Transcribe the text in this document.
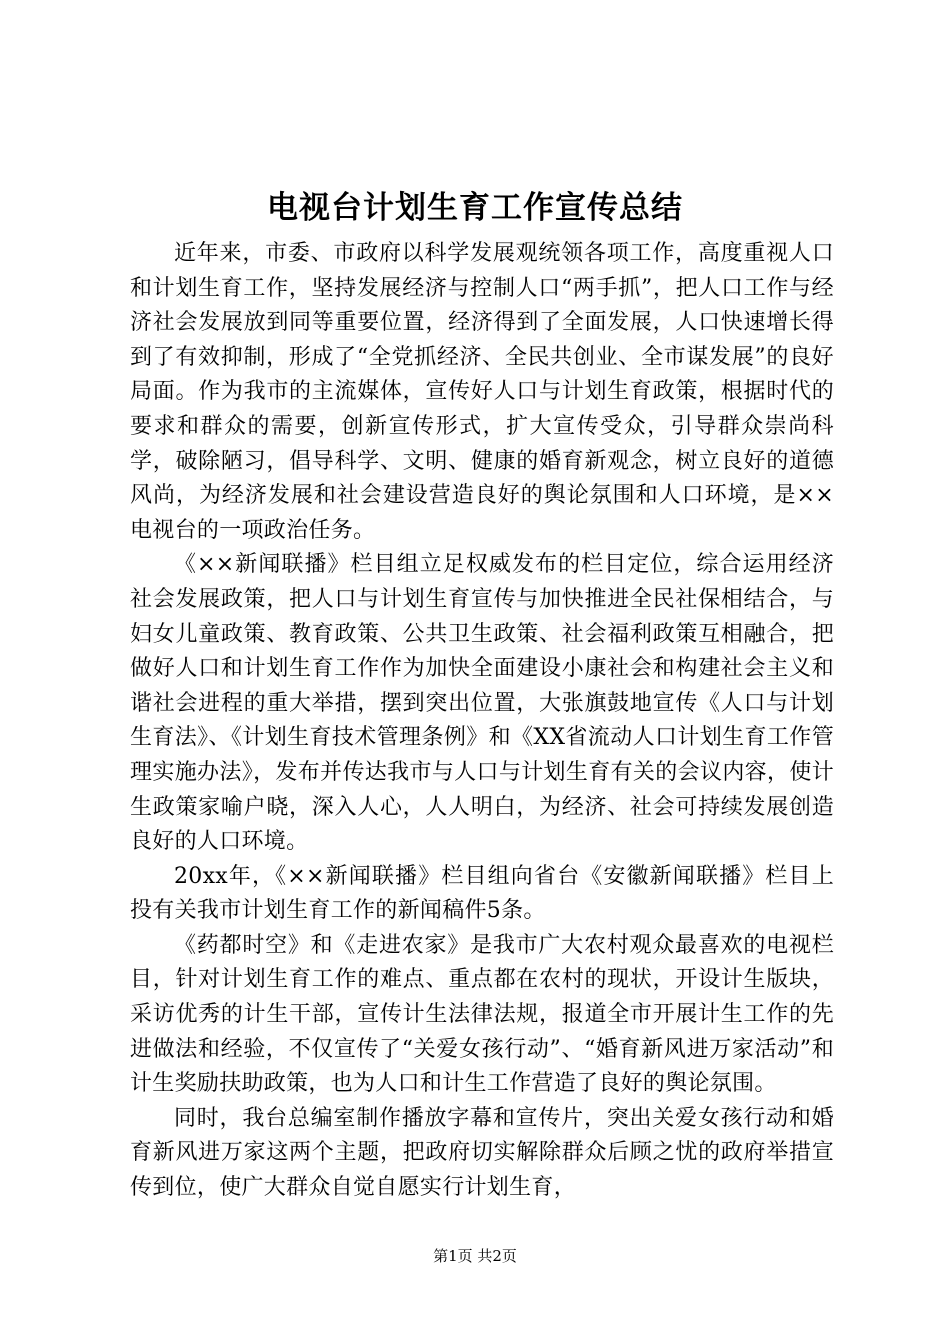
电视台计划生育工作宣传总结

近年来，市委、市政府以科学发展观统领各项工作，高度重视人口和计划生育工作，坚持发展经济与控制人口“两手抓”，把人口工作与经济社会发展放到同等重要位置，经济得到了全面发展，人口快速增长得到了有效抑制，形成了“全党抓经济、全民共创业、全市谋发展”的良好局面。作为我市的主流媒体，宣传好人口与计划生育政策，根据时代的要求和群众的需要，创新宣传形式，扩大宣传受众，引导群众崇尚科学，破除陋习，倡导科学、文明、健康的婚育新观念，树立良好的道德风尚，为经济发展和社会建设营造良好的舆论氛围和人口环境，是××电视台的一项政治任务。

《××新闻联播》栏目组立足权威发布的栏目定位，综合运用经济社会发展政策，把人口与计划生育宣传与加快推进全民社保相结合，与妇女儿童政策、教育政策、公共卫生政策、社会福利政策互相融合，把做好人口和计划生育工作作为加快全面建设小康社会和构建社会主义和谐社会进程的重大举措，摆到突出位置，大张旗鼓地宣传《人口与计划生育法》、《计划生育技术管理条例》和《XX省流动人口计划生育工作管理实施办法》，发布并传达我市与人口与计划生育有关的会议内容，使计生政策家喻户晓，深入人心，人人明白，为经济、社会可持续发展创造良好的人口环境。

20xx年，《××新闻联播》栏目组向省台《安徽新闻联播》栏目上投有关我市计划生育工作的新闻稿件5条。

《药都时空》和《走进农家》是我市广大农村观众最喜欢的电视栏目，针对计划生育工作的难点、重点都在农村的现状，开设计生版块，采访优秀的计生干部，宣传计生法律法规，报道全市开展计生工作的先进做法和经验，不仅宣传了“关爱女孩行动”、“婚育新风进万家活动”和计生奖励扶助政策，也为人口和计生工作营造了良好的舆论氛围。

同时，我台总编室制作播放字幕和宣传片，突出关爱女孩行动和婚育新风进万家这两个主题，把政府切实解除群众后顾之忧的政府举措宣传到位，使广大群众自觉自愿实行计划生育，

第1页 共2页
